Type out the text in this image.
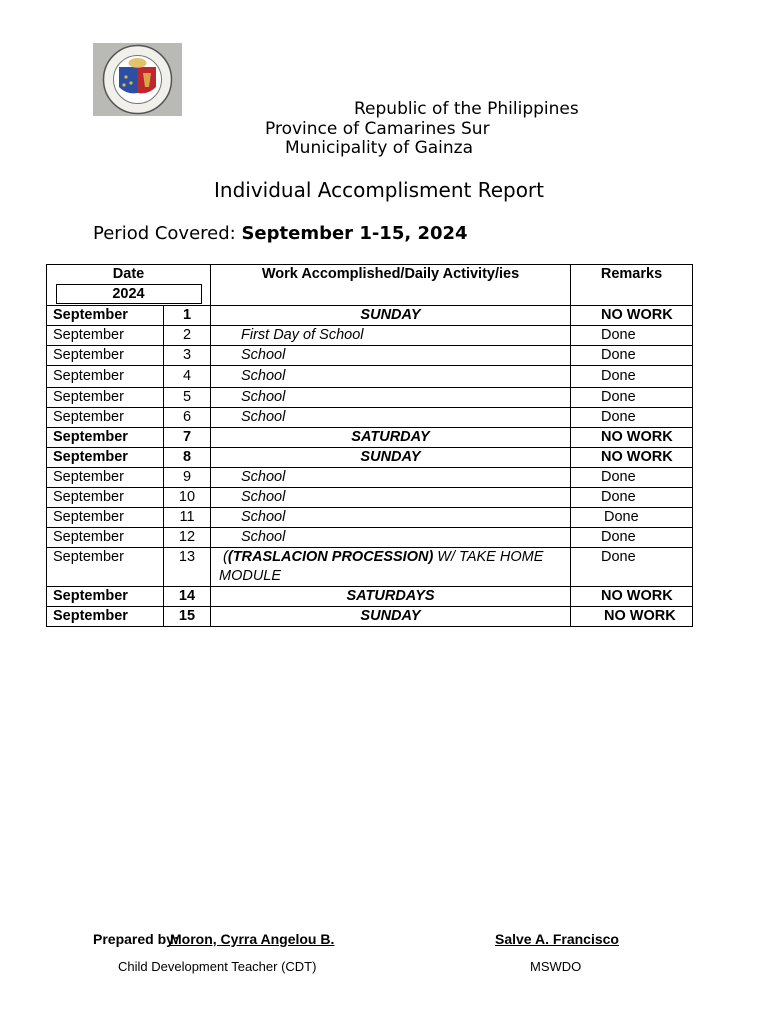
Republic of the Philippines
Province of Camarines Sur
Municipality of Gainza
Individual Accomplisment Report
Period Covered: September 1-15, 2024
Date
2024		Work Accomplished/Daily Activity/ies	Remarks
September	1	SUNDAY	NO WORK
September	2	First Day of School	Done
September	3	School	Done
September	4	School	Done
September	5	School	Done
September	6	School	Done
September	7	SATURDAY	NO WORK
September	8	SUNDAY	NO WORK
September	9	School	Done
September	10	School	Done
September	11	School	Done
September	12	School	Done
September	13	((TRASLACION PROCESSION) W/ TAKE HOME MODULE	Done
September	14	SATURDAYS	NO WORK
September	15	SUNDAY	NO WORK
Prepared by:
Moron, Cyrra Angelou B.	Salve A. Francisco
Child Development Teacher (CDT)	MSWDO
